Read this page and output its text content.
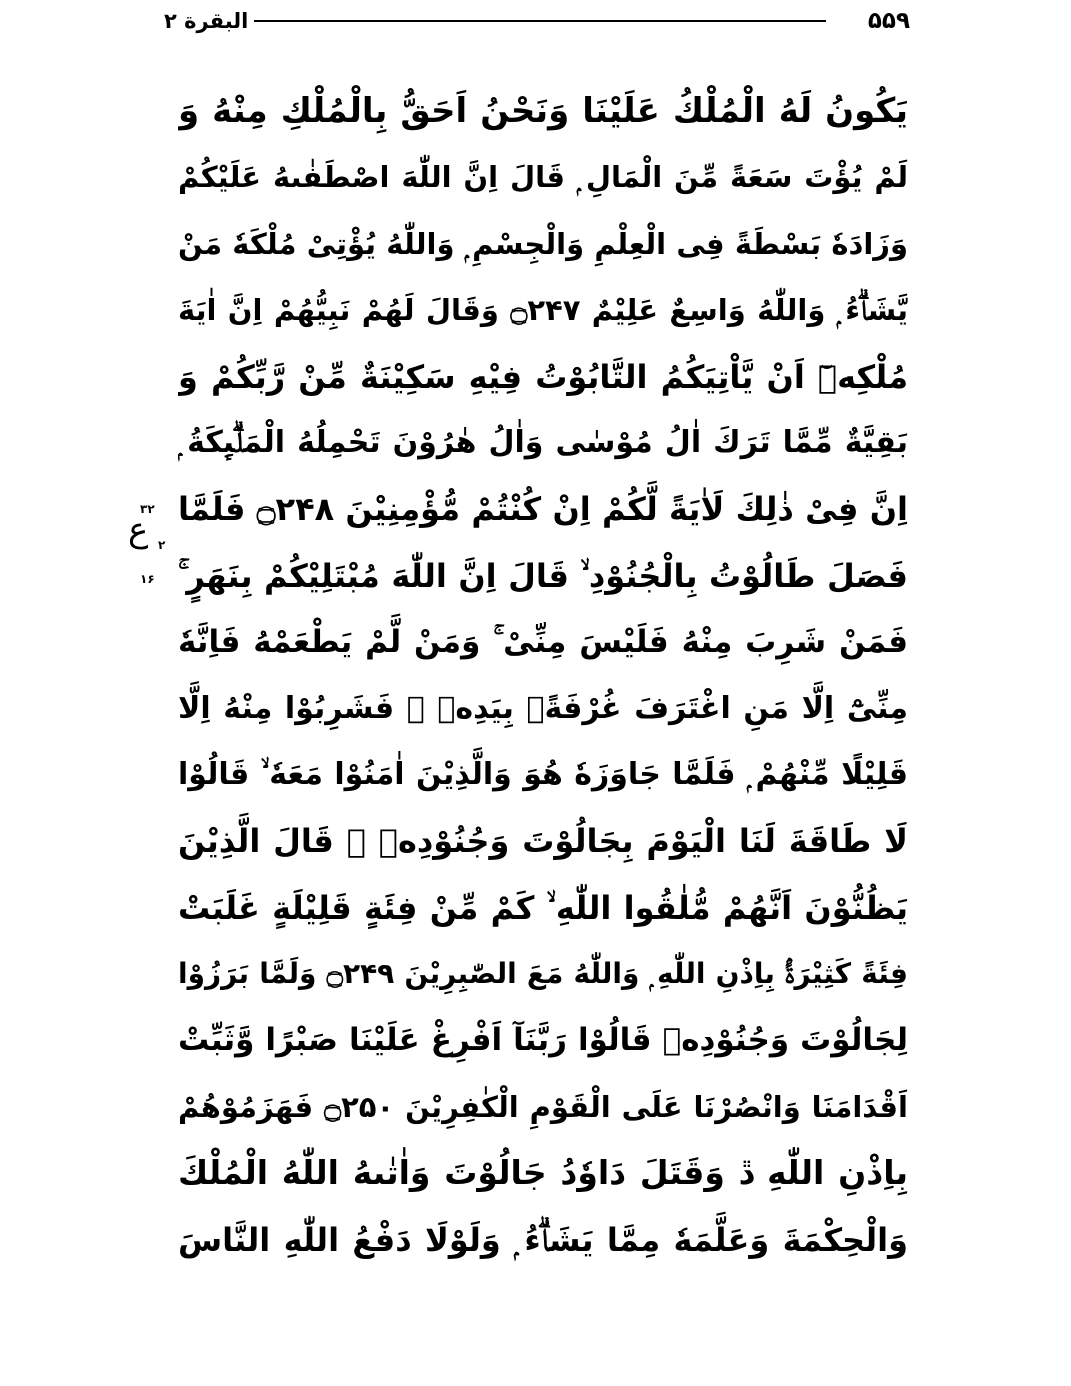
۵۵۹
البقرة ۲
۳۲
ع ۲
۱۶
يَكُونُ لَهُ الْمُلْكُ عَلَيْنَا وَنَحْنُ اَحَقُّ بِالْمُلْكِ مِنْهُ وَ
لَمْ يُؤْتَ سَعَةً مِّنَ الْمَالِ ۭ قَالَ اِنَّ اللّٰهَ اصْطَفٰىهُ عَلَيْكُمْ
وَزَادَهٗ بَسْطَةً فِى الْعِلْمِ وَالْجِسْمِ ۭ وَاللّٰهُ يُؤْتِىْ مُلْكَهٗ مَنْ
يَّشَاۗءُ ۭ وَاللّٰهُ وَاسِعٌ عَلِيْمٌ ۝۲۴۷ وَقَالَ لَهُمْ نَبِيُّهُمْ اِنَّ اٰيَةَ
مُلْكِهٖٓ اَنْ يَّاْتِيَكُمُ التَّابُوْتُ فِيْهِ سَكِيْنَةٌ مِّنْ رَّبِّكُمْ وَ
بَقِيَّةٌ مِّمَّا تَرَكَ اٰلُ مُوْسٰى وَاٰلُ هٰرُوْنَ تَحْمِلُهُ الْمَلٰۗىِٕكَةُ ۭ
اِنَّ فِىْ ذٰلِكَ لَاٰيَةً لَّكُمْ اِنْ كُنْتُمْ مُّؤْمِنِيْنَ ۝۲۴۸ فَلَمَّا
فَصَلَ طَالُوْتُ بِالْجُنُوْدِ ۙ قَالَ اِنَّ اللّٰهَ مُبْتَلِيْكُمْ بِنَهَرٍ ۚ
فَمَنْ شَرِبَ مِنْهُ فَلَيْسَ مِنِّىْ ۚ وَمَنْ لَّمْ يَطْعَمْهُ فَاِنَّهٗ
مِنِّىْٓ اِلَّا مَنِ اغْتَرَفَ غُرْفَةًۢ بِيَدِهٖ ۚ فَشَرِبُوْا مِنْهُ اِلَّا
قَلِيْلًا مِّنْهُمْ ۭ فَلَمَّا جَاوَزَهٗ ھُوَ وَالَّذِيْنَ اٰمَنُوْا مَعَهٗ ۙ قَالُوْا
لَا طَاقَةَ لَنَا الْيَوْمَ بِجَالُوْتَ وَجُنُوْدِهٖ ۭ قَالَ الَّذِيْنَ
يَظُنُّوْنَ اَنَّهُمْ مُّلٰقُوا اللّٰهِ ۙ كَمْ مِّنْ فِئَةٍ قَلِيْلَةٍ غَلَبَتْ
فِئَةً كَثِيْرَةًۢ بِاِذْنِ اللّٰهِ ۭ وَاللّٰهُ مَعَ الصّٰبِرِيْنَ ۝۲۴۹ وَلَمَّا بَرَزُوْا
لِجَالُوْتَ وَجُنُوْدِهٖ قَالُوْا رَبَّنَآ اَفْرِغْ عَلَيْنَا صَبْرًا وَّثَبِّتْ
اَقْدَامَنَا وَانْصُرْنَا عَلَى الْقَوْمِ الْكٰفِرِيْنَ ۝۲۵۰ فَهَزَمُوْهُمْ
بِاِذْنِ اللّٰهِ ڐ وَقَتَلَ دَاوٗدُ جَالُوْتَ وَاٰتٰىهُ اللّٰهُ الْمُلْكَ
وَالْحِكْمَةَ وَعَلَّمَهٗ مِمَّا يَشَاۗءُ ۭ وَلَوْلَا دَفْعُ اللّٰهِ النَّاسَ
